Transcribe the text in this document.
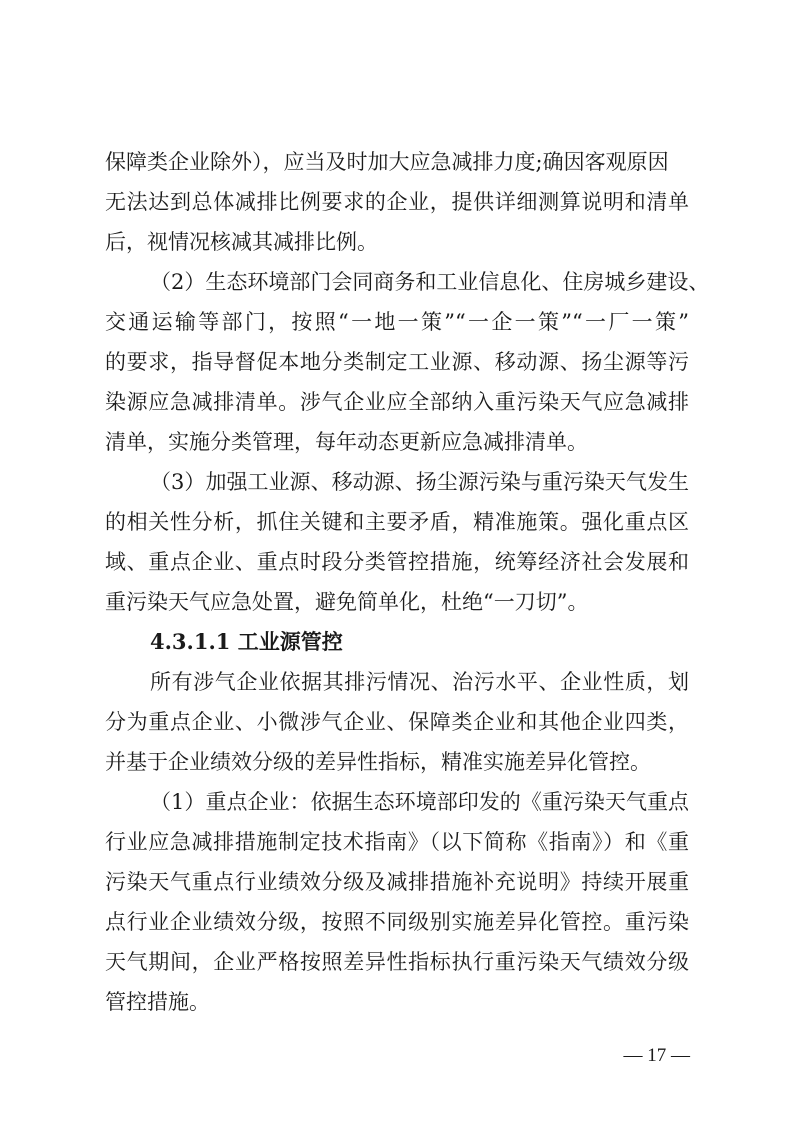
保障类企业除外），应当及时加大应急减排力度;确因客观原因
无法达到总体减排比例要求的企业，提供详细测算说明和清单
后，视情况核减其减排比例。
（2）生态环境部门会同商务和工业信息化、住房城乡建设、
交通运输等部门，按照“一地一策”“一企一策”“一厂一策”
的要求，指导督促本地分类制定工业源、移动源、扬尘源等污
染源应急减排清单。涉气企业应全部纳入重污染天气应急减排
清单，实施分类管理，每年动态更新应急减排清单。
（3）加强工业源、移动源、扬尘源污染与重污染天气发生
的相关性分析，抓住关键和主要矛盾，精准施策。强化重点区
域、重点企业、重点时段分类管控措施，统筹经济社会发展和
重污染天气应急处置，避免简单化，杜绝“一刀切”。
4.3.1.1 工业源管控
所有涉气企业依据其排污情况、治污水平、企业性质，划
分为重点企业、小微涉气企业、保障类企业和其他企业四类，
并基于企业绩效分级的差异性指标，精准实施差异化管控。
（1）重点企业：依据生态环境部印发的《重污染天气重点
行业应急减排措施制定技术指南》（以下简称《指南》）和《重
污染天气重点行业绩效分级及减排措施补充说明》持续开展重
点行业企业绩效分级，按照不同级别实施差异化管控。重污染
天气期间，企业严格按照差异性指标执行重污染天气绩效分级
管控措施。
— 17 —
